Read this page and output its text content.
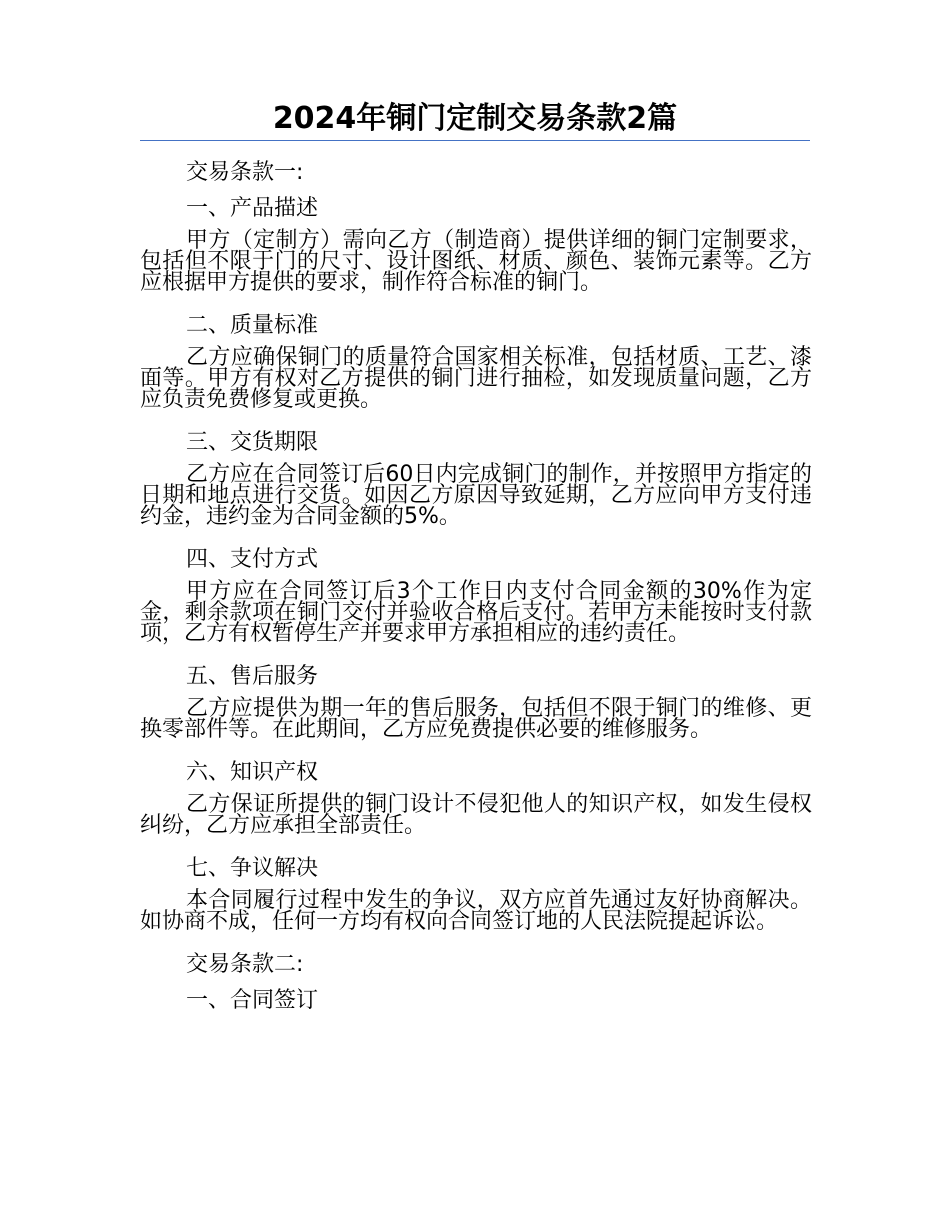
2024年铜门定制交易条款2篇

交易条款一:

一、产品描述

甲方（定制方）需向乙方（制造商）提供详细的铜门定制要求，包括但不限于门的尺寸、设计图纸、材质、颜色、装饰元素等。乙方应根据甲方提供的要求，制作符合标准的铜门。

二、质量标准

乙方应确保铜门的质量符合国家相关标准，包括材质、工艺、漆面等。甲方有权对乙方提供的铜门进行抽检，如发现质量问题，乙方应负责免费修复或更换。

三、交货期限

乙方应在合同签订后60日内完成铜门的制作，并按照甲方指定的日期和地点进行交货。如因乙方原因导致延期，乙方应向甲方支付违约金，违约金为合同金额的5%。

四、支付方式

甲方应在合同签订后3个工作日内支付合同金额的30%作为定金，剩余款项在铜门交付并验收合格后支付。若甲方未能按时支付款项，乙方有权暂停生产并要求甲方承担相应的违约责任。

五、售后服务

乙方应提供为期一年的售后服务，包括但不限于铜门的维修、更换零部件等。在此期间，乙方应免费提供必要的维修服务。

六、知识产权

乙方保证所提供的铜门设计不侵犯他人的知识产权，如发生侵权纠纷，乙方应承担全部责任。

七、争议解决

本合同履行过程中发生的争议，双方应首先通过友好协商解决。如协商不成，任何一方均有权向合同签订地的人民法院提起诉讼。

交易条款二:

一、合同签订
